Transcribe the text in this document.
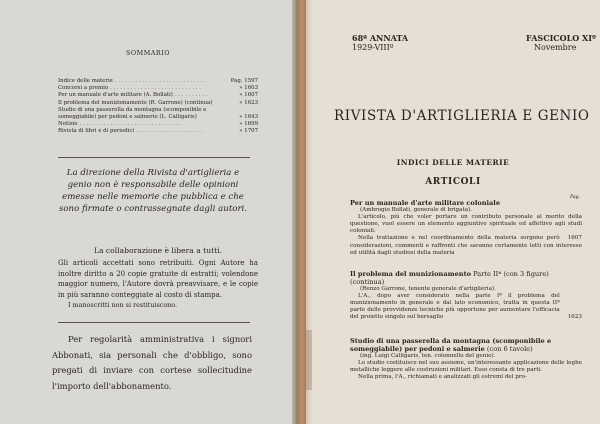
SOMMARIO
Indice delle materie . . . . . . . . . . . . . . . . . . . . . . . . . . .	Pag. 1597
Concorsi a premio . . . . . . . . . . . . . . . . . . . . . . . . . . .	» 1603
Per un manuale d'arte militare (A. Bollati) . . . . . . . . . .	» 1607
Il problema del munizionamento (R. Garrone) (continua)	» 1623
Studio di una passerella da montagna (scomponibile e
someggiabile) per pedoni e salmerie (L. Calligaris)	» 1643
Notizie . . . . . . . . . . . . . . . . . . . . . . . . . . . . . .	» 1699
Rivista di libri e di periodici . . . . . . . . . . . . . . . . . . . .	» 1707
La direzione della Rivista d'artiglieria e genio non è responsabile delle opinioni emesse nelle memorie che pubblica e che sono firmate o contrassegnate dagli autori.
La collaborazione è libera a tutti.
Gli articoli accettati sono retribuiti. Ogni Autore ha inoltre diritto a 20 copie gratuite di estratti; volendone maggior numero, l'Autore dovrà preavvisare, e le copie in più saranno conteggiate al costo di stampa.
I manoscritti non si restituiscono.
Per regolarità amministrativa i signori Abbonati, sia personali che d'obbligo, sono pregati di inviare con cortese sollecitudine l'importo dell'abbonamento.
68ª ANNATA
1929-VIIIº
FASCICOLO XIº
Novembre
RIVISTA D'ARTIGLIERIA E GENIO
INDICI DELLE MATERIE
ARTICOLI
Pag.
Per un manuale d'arte militare coloniale
(Ambrogio Bollati, generale di brigata).
L'articolo, più che voler portare un contributo personale al merito della questione, vuol essere un elemento aggiuntivo spirituale ed affettivo agli studi coloniali.
1607
Nella trattazione e nel coordinamento della materia sorgono però considerazioni, commenti e raffronti che saranno certamente letti con interesse ed utilità dagli studiosi della materia
Il problema del munizionamento Parte IIª (con 3 figure) (continua)
(Renzo Garrone, tenente generale d'artiglieria).
1623
L'A., dopo aver considerato nella parte Iª il problema del munizionamento in generale e dal lato economico, tratta in questa IIª parte delle provvidenze tecniche più opportune per aumentare l'efficacia del proietto singolo sul bersaglio
Studio di una passerella da montagna (scomponibile e someggiabile) per pedoni e salmerie (con 6 tavole)
(ing. Luigi Calligaris, ten. colonnello del genio).
Lo studio costituisce nel suo assieme, un'interessante applicazione delle leghe metalliche leggere alle costruzioni militari. Esso consta di tre parti.
Nella prima, l'A., richiamati e analizzati gli estremi del pro-
